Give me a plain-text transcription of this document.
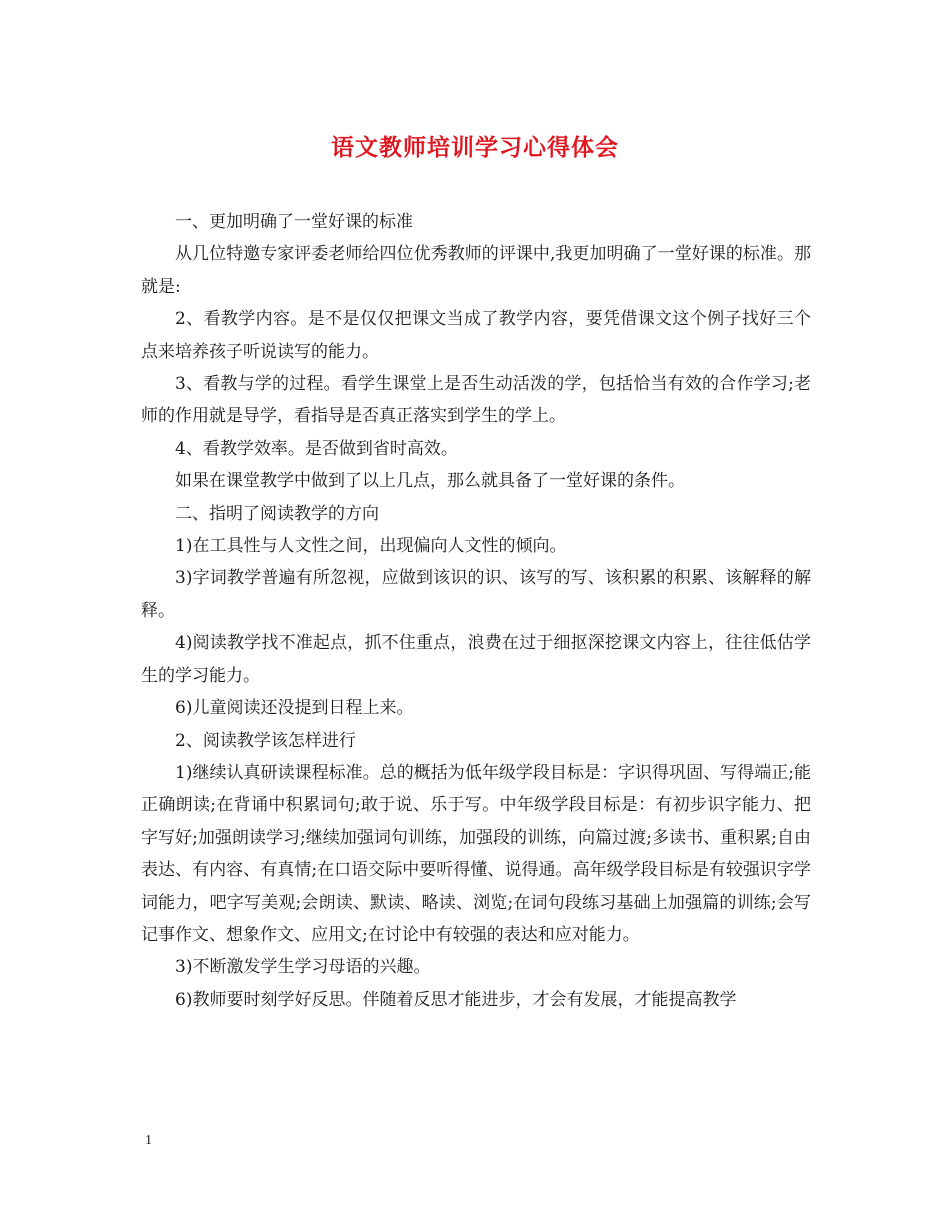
语文教师培训学习心得体会

一、更加明确了一堂好课的标准

从几位特邀专家评委老师给四位优秀教师的评课中,我更加明确了一堂好课的标准。那就是:

2、看教学内容。是不是仅仅把课文当成了教学内容，要凭借课文这个例子找好三个点来培养孩子听说读写的能力。

3、看教与学的过程。看学生课堂上是否生动活泼的学，包括恰当有效的合作学习;老师的作用就是导学，看指导是否真正落实到学生的学上。

4、看教学效率。是否做到省时高效。

如果在课堂教学中做到了以上几点，那么就具备了一堂好课的条件。

二、指明了阅读教学的方向

1)在工具性与人文性之间，出现偏向人文性的倾向。

3)字词教学普遍有所忽视，应做到该识的识、该写的写、该积累的积累、该解释的解释。

4)阅读教学找不准起点，抓不住重点，浪费在过于细抠深挖课文内容上，往往低估学生的学习能力。

6)儿童阅读还没提到日程上来。

2、阅读教学该怎样进行

1)继续认真研读课程标准。总的概括为低年级学段目标是：字识得巩固、写得端正;能正确朗读;在背诵中积累词句;敢于说、乐于写。中年级学段目标是：有初步识字能力、把字写好;加强朗读学习;继续加强词句训练，加强段的训练，向篇过渡;多读书、重积累;自由表达、有内容、有真情;在口语交际中要听得懂、说得通。高年级学段目标是有较强识字学词能力，吧字写美观;会朗读、默读、略读、浏览;在词句段练习基础上加强篇的训练;会写记事作文、想象作文、应用文;在讨论中有较强的表达和应对能力。

3)不断激发学生学习母语的兴趣。

6)教师要时刻学好反思。伴随着反思才能进步，才会有发展，才能提高教学

1
